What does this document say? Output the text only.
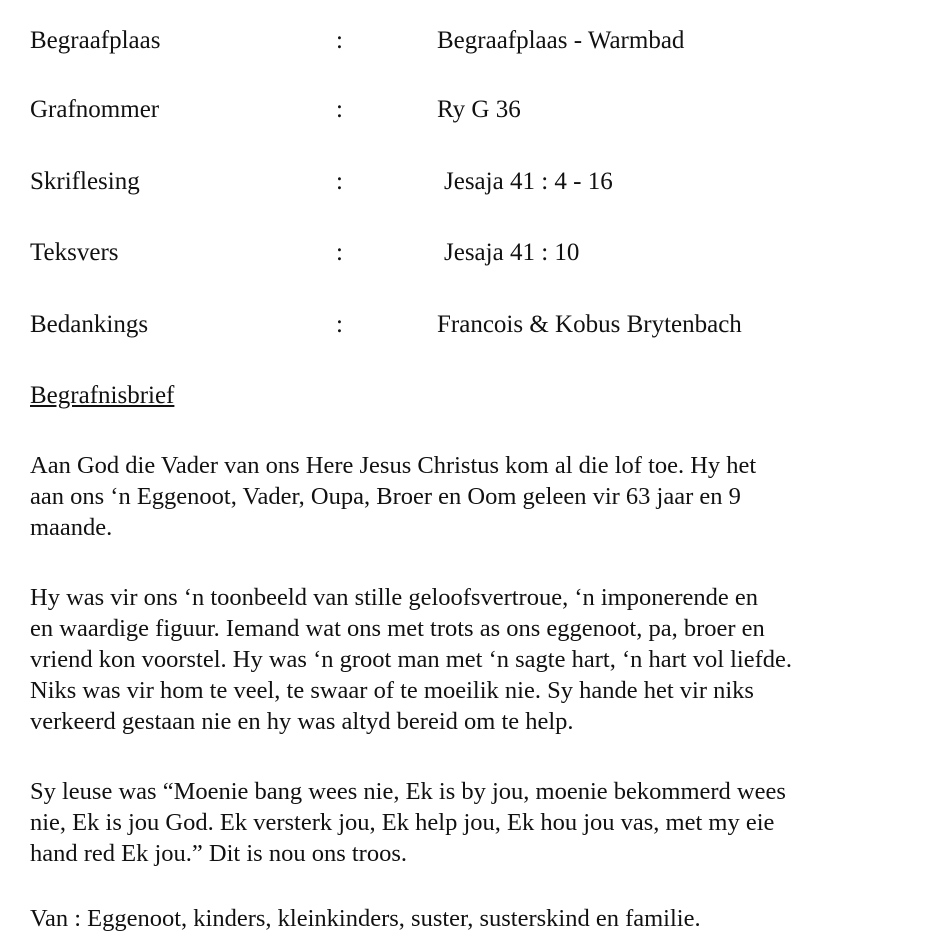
Begraafplaas	:	Begraafplaas - Warmbad
Grafnommer	:	Ry G 36
Skriflesing	:	Jesaja 41 : 4 - 16
Teksvers	:	Jesaja 41 : 10
Bedankings	:	Francois & Kobus Brytenbach
Begrafnisbrief

Aan God die Vader van ons Here Jesus Christus kom al die lof toe. Hy het
aan ons ‘n Eggenoot, Vader, Oupa, Broer en Oom geleen vir 63 jaar en 9
maande.

Hy was vir ons ‘n toonbeeld van stille geloofsvertroue, ‘n imponerende en
en waardige figuur. Iemand wat ons met trots as ons eggenoot, pa, broer en
vriend kon voorstel. Hy was ‘n groot man met ‘n sagte hart, ‘n hart vol liefde.
Niks was vir hom te veel, te swaar of te moeilik nie. Sy hande het vir niks
verkeerd gestaan nie en hy was altyd bereid om te help.

Sy leuse was “Moenie bang wees nie, Ek is by jou, moenie bekommerd wees
nie, Ek is jou God. Ek versterk jou, Ek help jou, Ek hou jou vas, met my eie
hand red Ek jou.” Dit is nou ons troos.

Van : Eggenoot, kinders, kleinkinders, suster, susterskind en familie.
